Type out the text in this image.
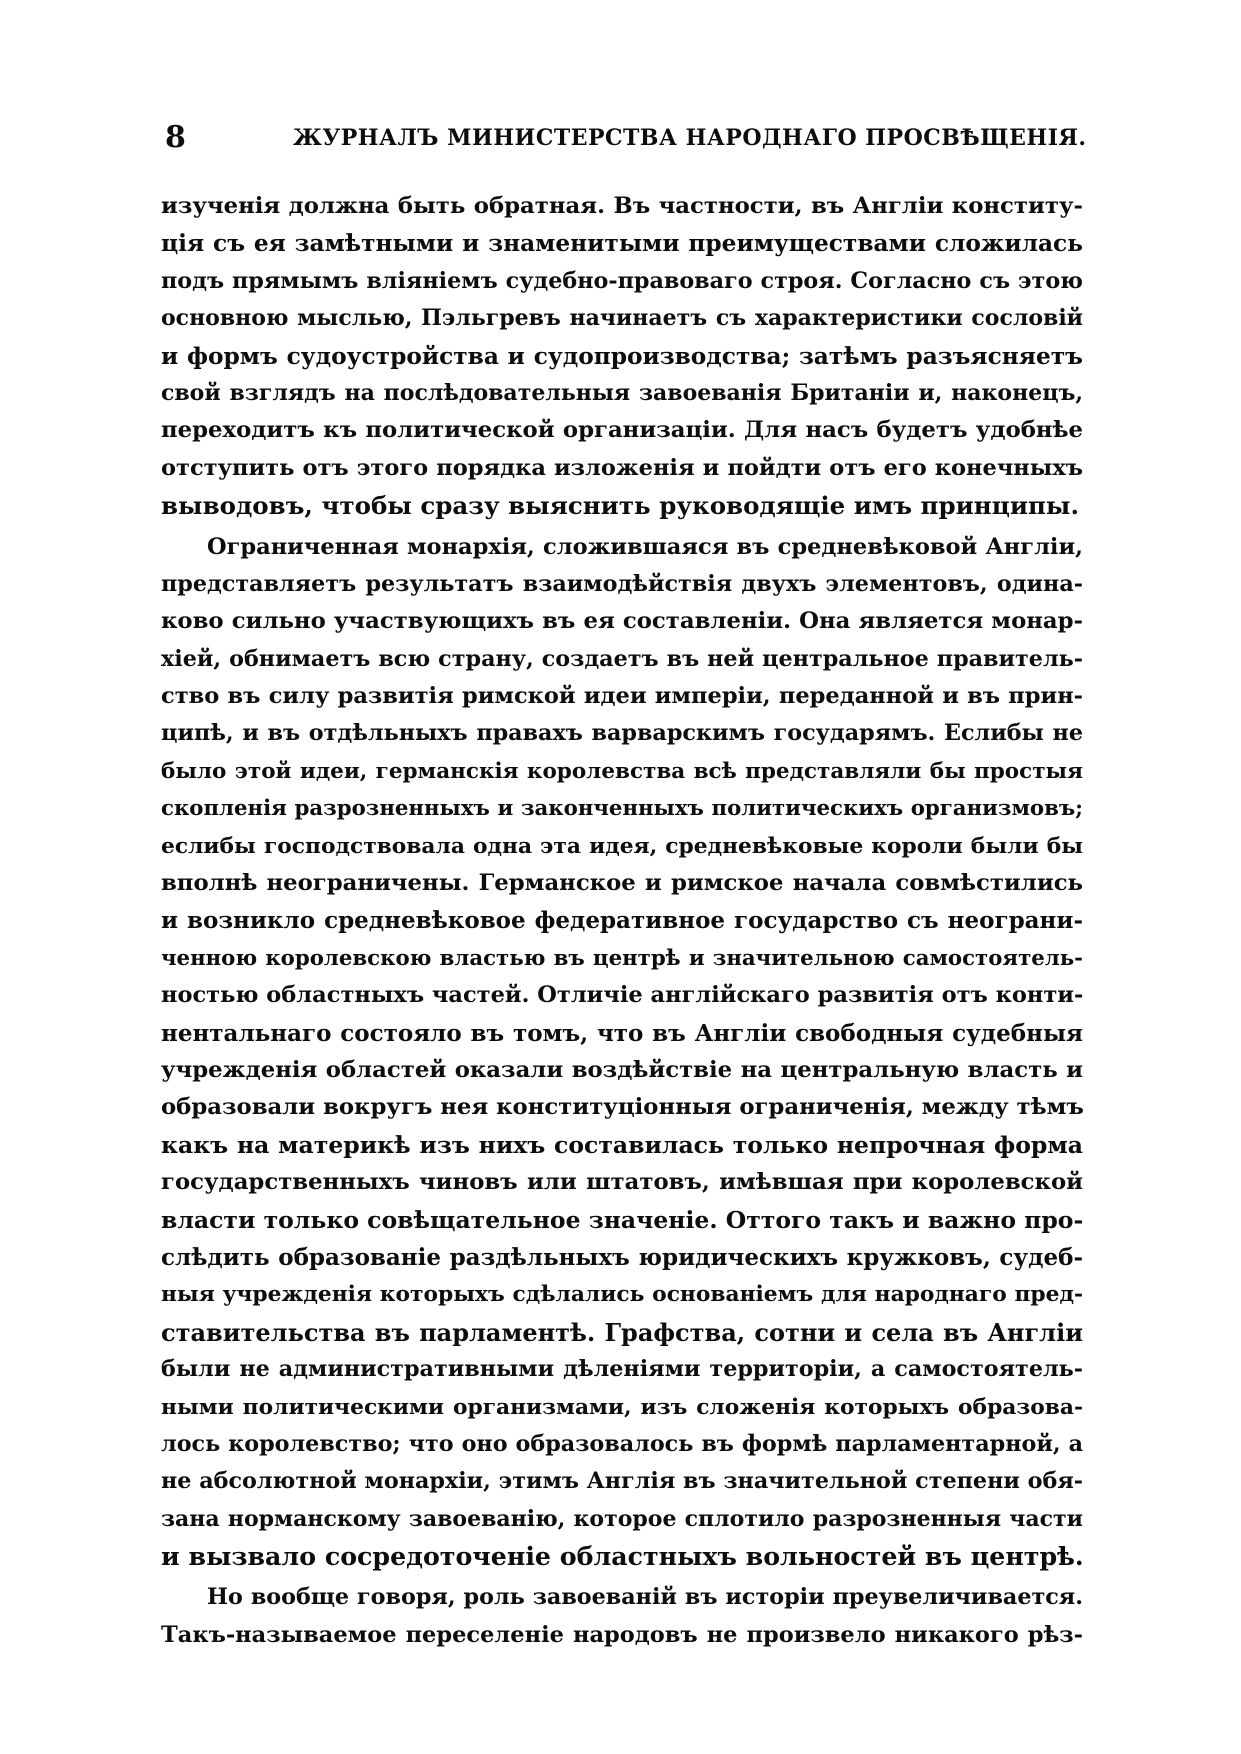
8	ЖУРНАЛЪ МИНИСТЕРСТВА НАРОДНАГО ПРОСВѢЩЕНІЯ.

изученія должна быть обратная. Въ частности, въ Англіи конститу-

ція съ ея замѣтными и знаменитыми преимуществами сложилась

подъ прямымъ вліяніемъ судебно-правоваго строя. Согласно съ этою

основною мыслью, Пэльгревъ начинаетъ съ характеристики сословій

и формъ судоустройства и судопроизводства; затѣмъ разъясняетъ

свой взглядъ на послѣдовательныя завоеванія Британіи и, наконецъ,

переходитъ къ политической организаціи. Для насъ будетъ удобнѣе

отступить отъ этого порядка изложенія и пойдти отъ его конечныхъ

выводовъ, чтобы сразу выяснить руководящіе имъ принципы.

Ограниченная монархія, сложившаяся въ средневѣковой Англіи,

представляетъ результатъ взаимодѣйствія двухъ элементовъ, одина-

ково сильно участвующихъ въ ея составленіи. Она является монар-

хіей, обнимаетъ всю страну, создаетъ въ ней центральное правитель-

ство въ силу развитія римской идеи имперіи, переданной и въ прин-

ципѣ, и въ отдѣльныхъ правахъ варварскимъ государямъ. Еслибы не

было этой идеи, германскія королевства всѣ представляли бы простыя

скопленія разрозненныхъ и законченныхъ политическихъ организмовъ;

еслибы господствовала одна эта идея, средневѣковые короли были бы

вполнѣ неограничены. Германское и римское начала совмѣстились

и возникло средневѣковое федеративное государство съ неограни-

ченною королевскою властью въ центрѣ и значительною самостоятель-

ностью областныхъ частей. Отличіе англійскаго развитія отъ конти-

нентальнаго состояло въ томъ, что въ Англіи свободныя судебныя

учрежденія областей оказали воздѣйствіе на центральную власть и

образовали вокругъ нея конституціонныя ограниченія, между тѣмъ

какъ на материкѣ изъ нихъ составилась только непрочная форма

государственныхъ чиновъ или штатовъ, имѣвшая при королевской

власти только совѣщательное значеніе. Оттого такъ и важно про-

слѣдить образованіе раздѣльныхъ юридическихъ кружковъ, судеб-

ныя учрежденія которыхъ сдѣлались основаніемъ для народнаго пред-

ставительства въ парламентѣ. Графства, сотни и села въ Англіи

были не административными дѣленіями территоріи, а самостоятель-

ными политическими организмами, изъ сложенія которыхъ образова-

лось королевство; что оно образовалось въ формѣ парламентарной, а

не абсолютной монархіи, этимъ Англія въ значительной степени обя-

зана норманскому завоеванію, которое сплотило разрозненныя части

и вызвало сосредоточеніе областныхъ вольностей въ центрѣ.

Но вообще говоря, роль завоеваній въ исторіи преувеличивается.

Такъ-называемое переселеніе народовъ не произвело никакого рѣз-
